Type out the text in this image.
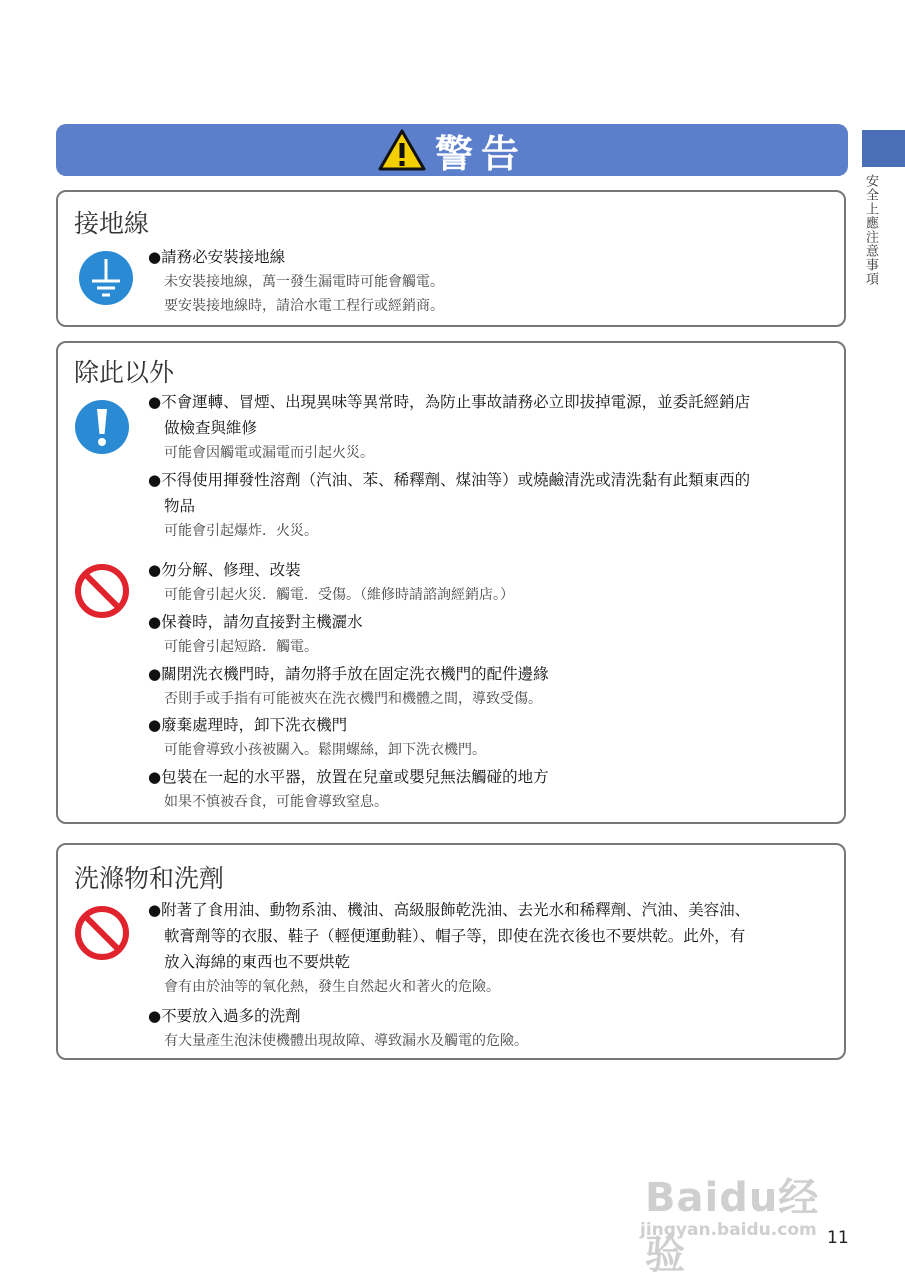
警告
安全上應注意事項
接地線
●請務必安裝接地線
未安裝接地線，萬一發生漏電時可能會觸電。
要安裝接地線時，請洽水電工程行或經銷商。
除此以外
●不會運轉、冒煙、出現異味等異常時，為防止事故請務必立即拔掉電源，並委託經銷店
做檢查與維修
可能會因觸電或漏電而引起火災。
●不得使用揮發性溶劑（汽油、苯、稀釋劑、煤油等）或燒鹼清洗或清洗黏有此類東西的
物品
可能會引起爆炸．火災。
●勿分解、修理、改裝
可能會引起火災．觸電．受傷。（維修時請諮詢經銷店。）
●保養時，請勿直接對主機灑水
可能會引起短路．觸電。
●關閉洗衣機門時，請勿將手放在固定洗衣機門的配件邊緣
否則手或手指有可能被夾在洗衣機門和機體之間，導致受傷。
●廢棄處理時，卸下洗衣機門
可能會導致小孩被關入。鬆開螺絲，卸下洗衣機門。
●包裝在一起的水平器，放置在兒童或嬰兒無法觸碰的地方
如果不慎被吞食，可能會導致窒息。
洗滌物和洗劑
●附著了食用油、動物系油、機油、高級服飾乾洗油、去光水和稀釋劑、汽油、美容油、
軟膏劑等的衣服、鞋子（輕便運動鞋）、帽子等，即使在洗衣後也不要烘乾。此外，有
放入海綿的東西也不要烘乾
會有由於油等的氧化熱，發生自然起火和著火的危險。
●不要放入過多的洗劑
有大量產生泡沫使機體出現故障、導致漏水及觸電的危險。
Baidu经验
jingyan.baidu.com 11
